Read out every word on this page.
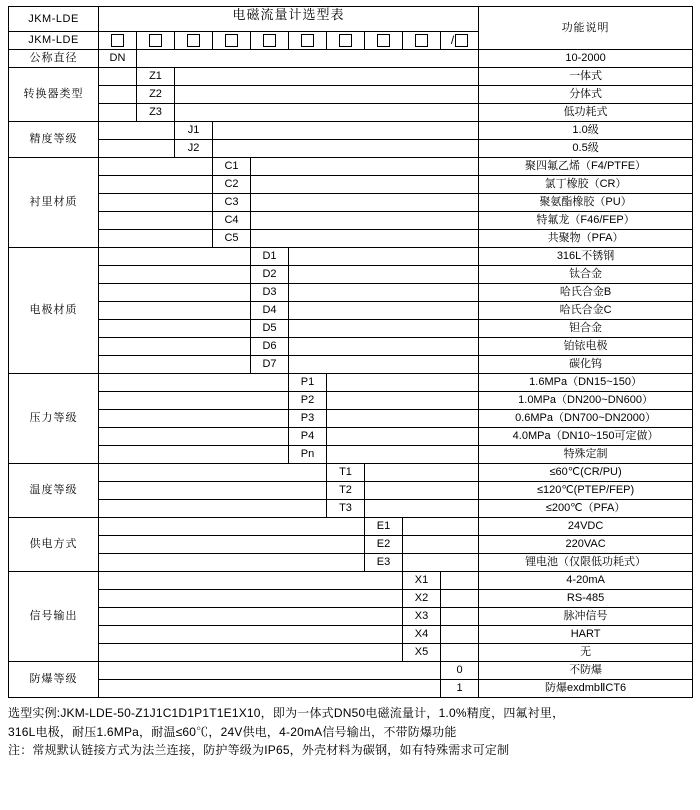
JKM-LDE	电磁流量计选型表										功能说明
JKM-LDE										/	
公称直径	DN										10-2000
转换器类型		Z1									一体式
		Z2									分体式
		Z3									低功耗式
精度等级			J1								1.0级
			J2								0.5级
衬里材质				C1							聚四氟乙烯（F4/PTFE）
				C2							氯丁橡胶（CR）
				C3							聚氨酯橡胶（PU）
				C4							特氟龙（F46/FEP）
				C5							共聚物（PFA）
电极材质					D1						316L不锈钢
					D2						钛合金
					D3						哈氏合金B
					D4						哈氏合金C
					D5						钽合金
					D6						铂铱电极
					D7						碳化钨
压力等级						P1					1.6MPa（DN15~150）
						P2					1.0MPa（DN200~DN600）
						P3					0.6MPa（DN700~DN2000）
						P4					4.0MPa（DN10~150可定做）
						Pn					特殊定制
温度等级							T1				≤60℃(CR/PU)
							T2				≤120℃(PTEP/FEP)
							T3				≤200℃（PFA）
供电方式								E1			24VDC
								E2			220VAC
								E3			锂电池（仅限低功耗式）
信号输出									X1		4-20mA
									X2		RS-485
									X3		脉冲信号
									X4		HART
									X5		无
防爆等级										0	不防爆
										1	防爆exdmbⅡCT6
选型实例:JKM-LDE-50-Z1J1C1D1P1T1E1X10，即为一体式DN50电磁流量计，1.0%精度，四氟衬里，
316L电极，耐压1.6MPa，耐温≤60℃，24V供电，4-20mA信号输出，不带防爆功能
注：常规默认链接方式为法兰连接，防护等级为IP65，外壳材料为碳钢，如有特殊需求可定制
